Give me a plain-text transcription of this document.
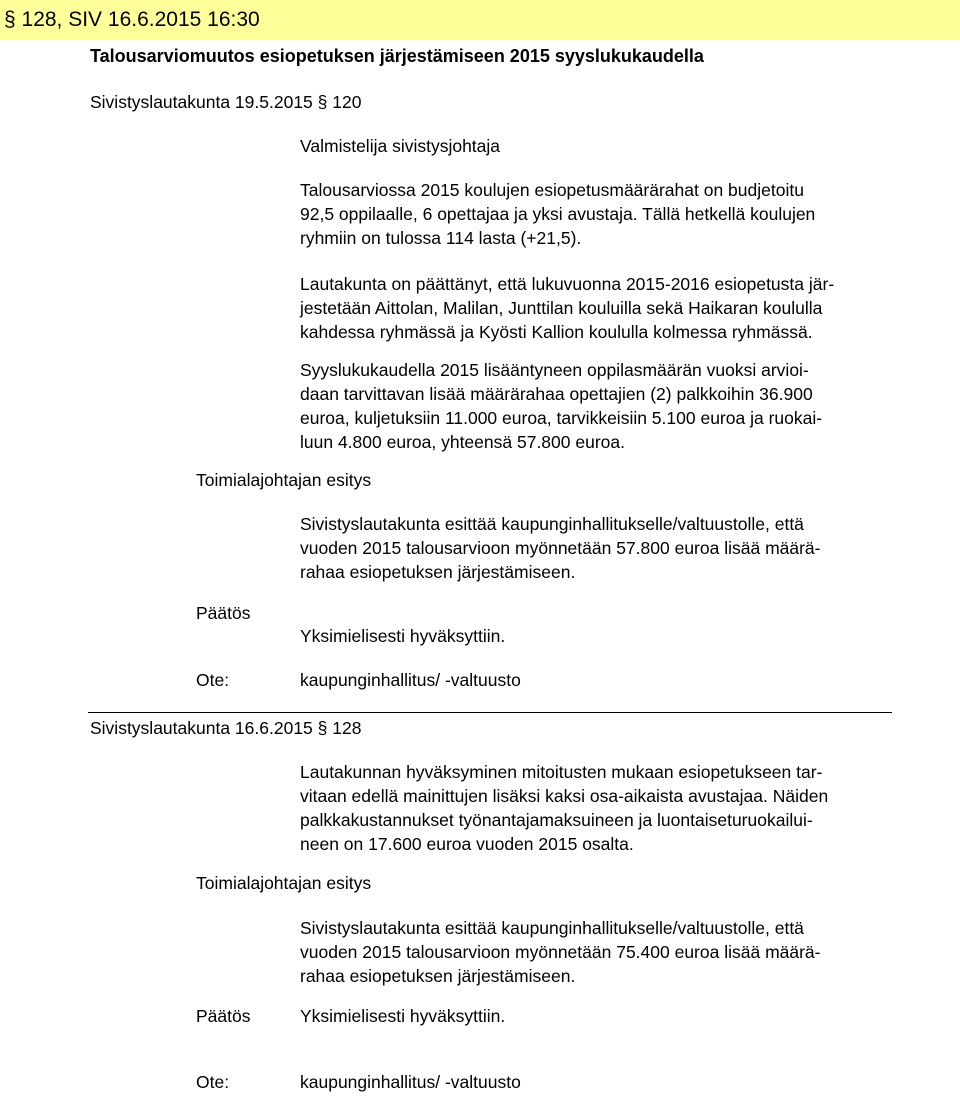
§ 128, SIV 16.6.2015 16:30
Talousarviomuutos esiopetuksen järjestämiseen 2015 syyslukukaudella
Sivistyslautakunta 19.5.2015 § 120
Valmistelija sivistysjohtaja
Talousarviossa 2015 koulujen esiopetusmäärärahat on budjetoitu
92,5 oppilaalle, 6 opettajaa ja yksi avustaja. Tällä hetkellä koulujen
ryhmiin on tulossa 114 lasta (+21,5).
Lautakunta on päättänyt, että lukuvuonna 2015-2016 esiopetusta jär-
jestetään Aittolan, Malilan, Junttilan kouluilla sekä Haikaran koululla
kahdessa ryhmässä ja Kyösti Kallion koululla kolmessa ryhmässä.
Syyslukukaudella 2015 lisääntyneen oppilasmäärän vuoksi arvioi-
daan tarvittavan lisää määrärahaa opettajien (2) palkkoihin 36.900
euroa, kuljetuksiin 11.000 euroa, tarvikkeisiin 5.100 euroa ja ruokai-
luun 4.800 euroa, yhteensä 57.800 euroa.
Toimialajohtajan esitys
Sivistyslautakunta esittää kaupunginhallitukselle/valtuustolle, että
vuoden 2015 talousarvioon myönnetään 57.800 euroa lisää määrä-
rahaa esiopetuksen järjestämiseen.
Päätös
Yksimielisesti hyväksyttiin.
Ote:	kaupunginhallitus/ -valtuusto
Sivistyslautakunta 16.6.2015 § 128
Lautakunnan hyväksyminen mitoitusten mukaan esiopetukseen tar-
vitaan edellä mainittujen lisäksi kaksi osa-aikaista avustajaa. Näiden
palkkakustannukset työnantajamaksuineen ja luontaiseturuokailui-
neen on 17.600 euroa vuoden 2015 osalta.
Toimialajohtajan esitys
Sivistyslautakunta esittää kaupunginhallitukselle/valtuustolle, että
vuoden 2015 talousarvioon myönnetään 75.400 euroa lisää määrä-
rahaa esiopetuksen järjestämiseen.
Päätös	Yksimielisesti hyväksyttiin.
Ote:	kaupunginhallitus/ -valtuusto
